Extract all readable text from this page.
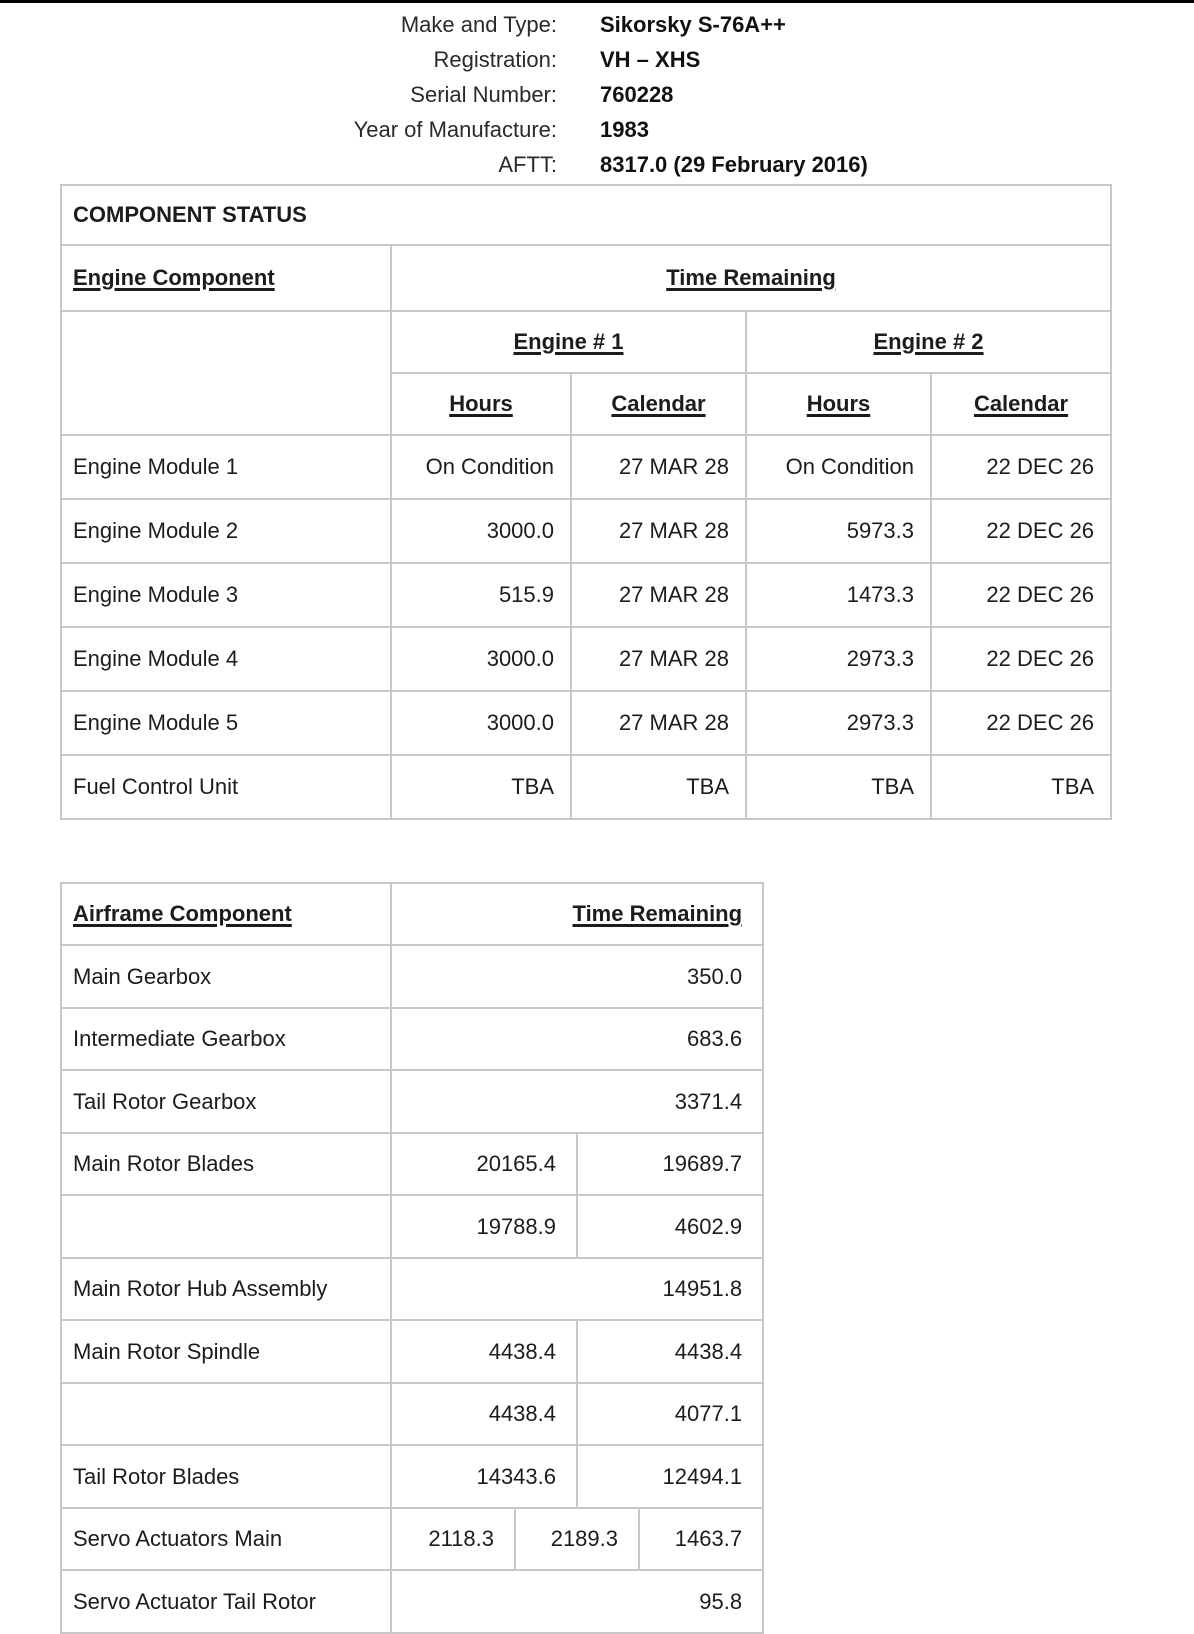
Make and Type: Sikorsky S-76A++
Registration: VH – XHS
Serial Number: 760228
Year of Manufacture: 1983
AFTT: 8317.0 (29 February 2016)
COMPONENT STATUS				
Engine Component	Time Remaining			
	Engine # 1		Engine # 2	
	Hours	Calendar	Hours	Calendar
Engine Module 1	On Condition	27 MAR 28	On Condition	22 DEC 26
Engine Module 2	3000.0	27 MAR 28	5973.3	22 DEC 26
Engine Module 3	515.9	27 MAR 28	1473.3	22 DEC 26
Engine Module 4	3000.0	27 MAR 28	2973.3	22 DEC 26
Engine Module 5	3000.0	27 MAR 28	2973.3	22 DEC 26
Fuel Control Unit	TBA	TBA	TBA	TBA
Airframe Component	Time Remaining			
Main Gearbox	350.0			
Intermediate Gearbox	683.6			
Tail Rotor Gearbox	3371.4			
Main Rotor Blades	20165.4		19689.7	
	19788.9		4602.9	
Main Rotor Hub Assembly	14951.8			
Main Rotor Spindle	4438.4		4438.4	
	4438.4		4077.1	
Tail Rotor Blades	14343.6		12494.1	
Servo Actuators Main	2118.3	2189.3		1463.7
Servo Actuator Tail Rotor	95.8			
